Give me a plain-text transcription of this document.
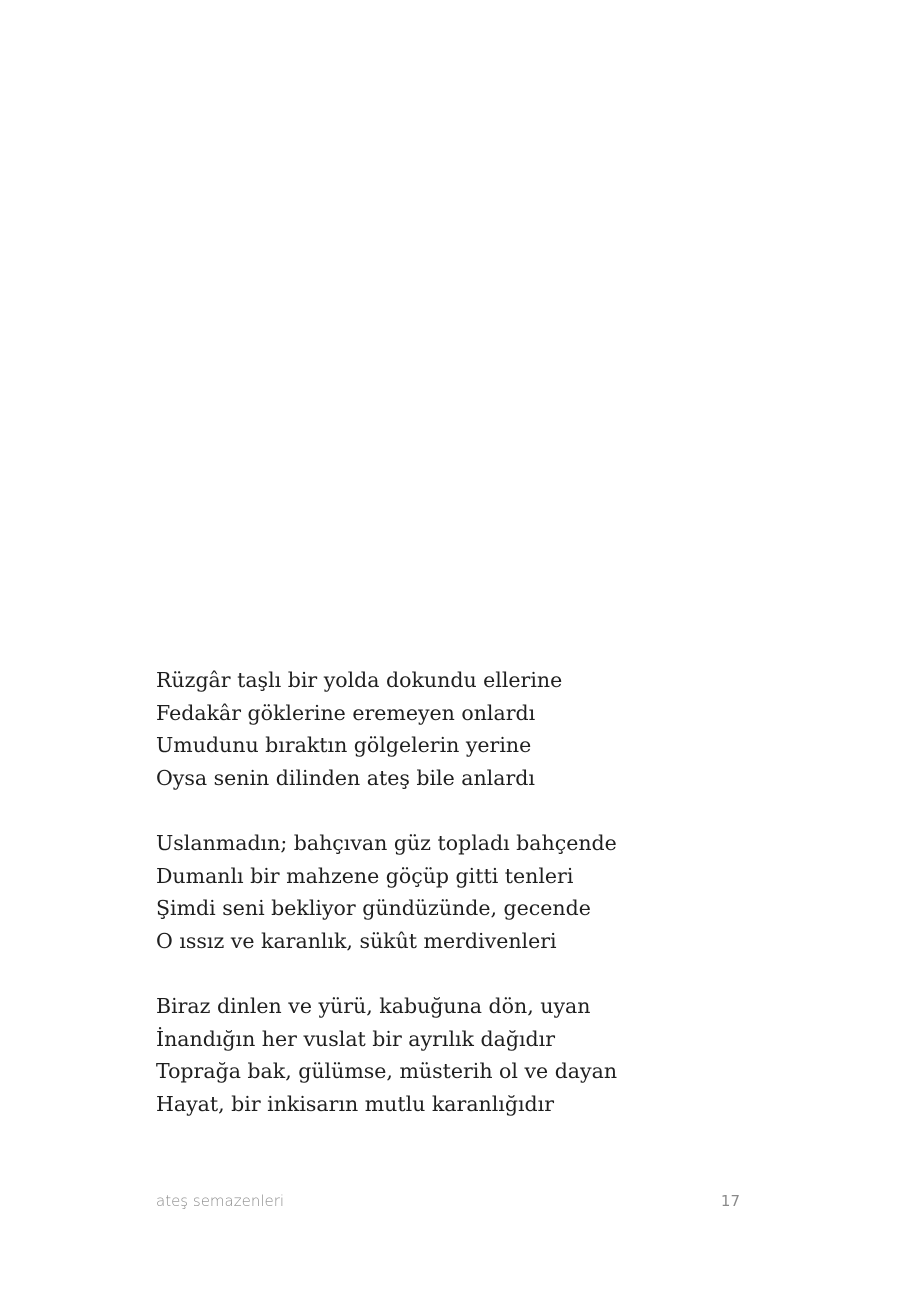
Rüzgâr taşlı bir yolda dokundu ellerine
Fedakâr göklerine eremeyen onlardı
Umudunu bıraktın gölgelerin yerine
Oysa senin dilinden ateş bile anlardı
Uslanmadın; bahçıvan güz topladı bahçende
Dumanlı bir mahzene göçüp gitti tenleri
Şimdi seni bekliyor gündüzünde, gecende
O ıssız ve karanlık, sükût merdivenleri
Biraz dinlen ve yürü, kabuğuna dön, uyan
İnandığın her vuslat bir ayrılık dağıdır
Toprağa bak, gülümse, müsterih ol ve dayan
Hayat, bir inkisarın mutlu karanlığıdır
ateş semazenleri	17
